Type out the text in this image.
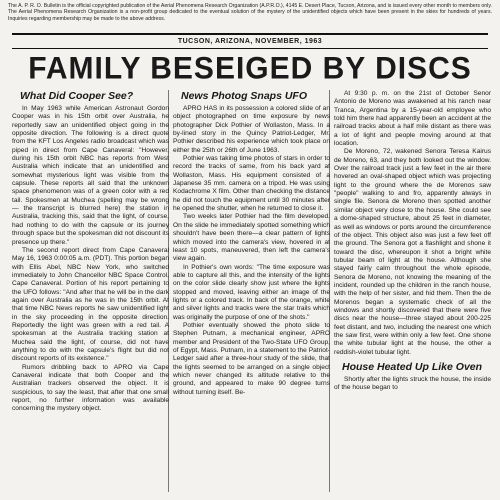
The A. P. R. O. Bulletin is the official copyrighted publication of the Aerial Phenomena Research Organization (A.P.R.O.), 4145 E. Desert Place, Tucson, Arizona, and is issued every other month to members only. The Aerial Phenomena Research Organization is a non-profit group dedicated to the eventual solution of the mystery of the unidentified objects which have been present in the skies for hundreds of years. Inquiries regarding membership may be made to the above address.
TUCSON, ARIZONA, NOVEMBER, 1963
FAMILY BESEIGED BY DISCS
What Did Cooper See?

In May 1963 while American Astronaut Gordon Cooper was in his 15th orbit over Australia, he reportedly saw an unidentified object going in the opposite direction. The following is a direct quote from the KFT Los Angeles radio broadcast which was piped in direct from Cape Canaveral: "However, during his 15th orbit NBC has reports from West Australia which indicate that an unidentified and somewhat mysterious light was visible from the capsule. These reports all said that the unknown space phenomenon was of a green color with a red tail. Spokesmen at Muchea (spelling may be wrong — the transcript is blurred here) the station in Australia, tracking this, said that the light, of course, had nothing to do with the capsule or its journey through space but the spokesman did not discount its presence up there."

The second report direct from Cape Canaveral May 16, 1963 0:00:05 a.m. (PDT). This portion began with Ellis Abel, NBC New York, who switched immediately to John Chancellor NBC Space Control, Cape Canaveral. Portion of his report pertaining to the UFO follows: "And after that he will be in the dark again over Australia as he was in the 15th orbit. At that time NBC News reports he saw unidentified light in the sky proceeding in the opposite direction. Reportedly the light was green with a red tail. A spokesman at the Australia tracking station at Muchea said the light, of course, did not have anything to do with the capsule's flight but did not discount reports of its existence."

Rumors dribbling back to APRO via Cape Canaveral indicate that both Cooper and the Australian trackers observed the object. It is suspicious, to say the least, that after that one small report, no further information was available concerning the mystery object.

News Photog Snaps UFO

APRO HAS in its possession a colored slide of an object photographed on time exposure by news photographer Dick Pothier of Wollaston, Mass. In a by-lined story in the Quincy Patriot-Ledger, Mr. Pothier described his experience which took place on either the 25th or 26th of June 1963.

Pothier was taking time photos of stars in order to record the tracks of same, from his back yard at Wollaston, Mass. His equipment consisted of a Japanese 35 mm. camera on a tripod. He was using Kodachrome X film. Other than checking the distance he did not touch the equipment until 30 minutes after he opened the shutter, when he returned to close it.

Two weeks later Pothier had the film developed. On the slide he immediately spotted something which shouldn't have been there—a clear pattern of lights which moved into the camera's view, hovered in at least 10 spots, maneuvered, then left the camera's view again.

In Pothier's own words: "The time exposure was able to capture all this, and the intensity of the lights on the color slide clearly show just where the lights stopped and moved, leaving either an image of the lights or a colored track. In back of the orange, white and silver lights and tracks were the star trails which was originally the purpose of one of the shots."

Pothier eventually showed the photo slide to Stephen Putnam, a mechanical engineer, APRO member and President of the Two-State UFO Group, of Egypt, Mass. Putnam, in a statement to the Patriot-Ledger said after a three-hour study of the slide, that the lights seemed to be arranged on a single object which never changed its altitude relative to the ground, and appeared to make 90 degree turns without turning itself. Be-

At 9:30 p. m. on the 21st of October Senor Antonio de Moreno was awakened at his ranch near Tranca, Argentina by a 15-year-old employee who told him there had apparently been an accident at the railroad tracks about a half mile distant as there was a lot of light and people moving around at that location.

De Moreno, 72, wakened Senora Teresa Kairus de Moreno, 63, and they both looked out the window. Over the railroad track just a few feet in the air there hovered an oval-shaped object which was projecting light to the ground where the de Morenos saw "people" walking to and fro, apparently always in single file. Senora de Moreno then spotted another similar object very close to the house. She could see a dome-shaped structure, about 25 feet in diameter, as well as windows or ports around the circumference of the object. This object also was just a few feet off the ground. The Senora got a flashlight and shone it toward the disc, whereupon it shot a bright white tubular beam of light at the house. Although she stayed fairly calm throughout the whole episode, Senora de Moreno, not knowing the meaning of the incident, rounded up the children in the ranch house, with the help of her sister, and hid them. Then the de Morenos began a systematic check of all the windows and shortly discovered that there were five discs near the house—three stayed about 200-225 feet distant, and two, including the nearest one which the saw first, were within only a few feet. One shone the white tubular light at the house, the other a reddish-violet tubular light.

House Heated Up Like Oven

Shortly after the lights struck the house, the inside of the house began to
